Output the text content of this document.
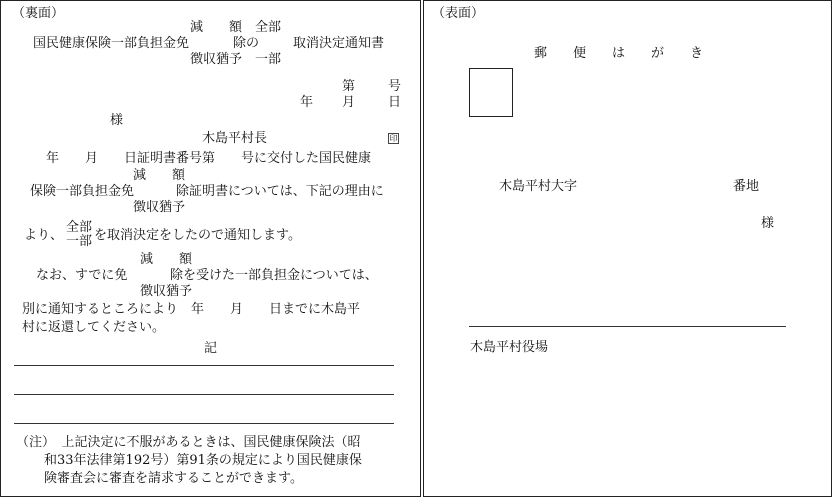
（裏面）
減　　額　全部
国民健康保険一部負担金免	除の	取消決定通知書
徴収猶予　一部
第	号
年 月	日
様
木島平村長	印
年　　月　　日証明書番号第　　号に交付した国民健康
減　　額
保険一部負担金免	除証明書については、下記の理由に
徴収猶予
より、
全部
一部 を取消決定をしたので通知します。
減　　額
なお、すでに免	除を受けた一部負担金については、
徴収猶予
別に通知するところにより　年　　月　　日までに木島平
村に返還してください。
記
（注）　上記決定に不服があるときは、国民健康保険法（昭
和33年法律第192号）第91条の規定により国民健康保
険審査会に審査を請求することができます。
（表面）
郵　　便　　は　　が　　き
木島平村大字	番地
様
木島平村役場
